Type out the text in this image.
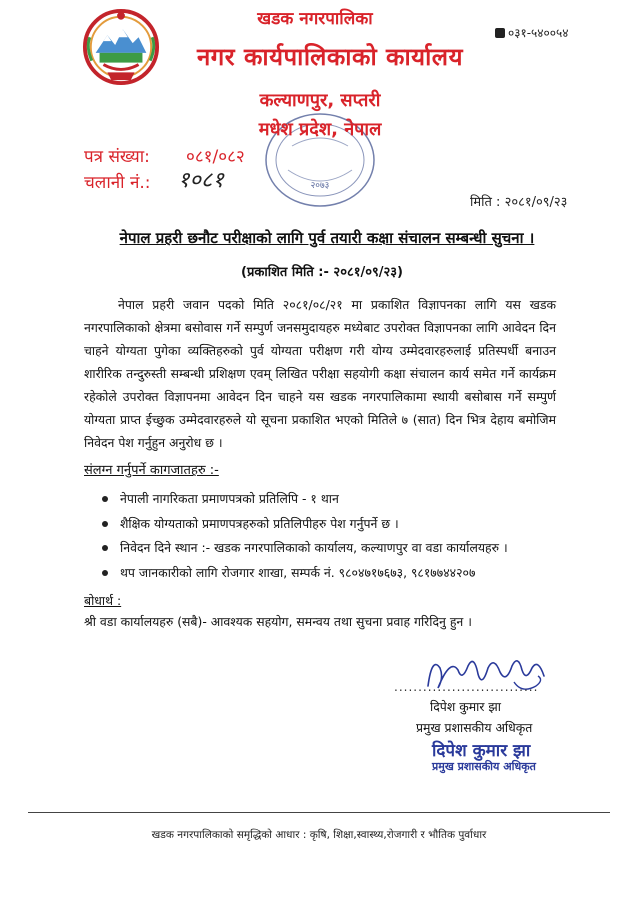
खडक नगरपालिका
नगर कार्यपालिकाको कार्यालय
०३१-५४००५४
कल्याणपुर, सप्तरी
२०७३
मधेश प्रदेश, नेपाल
पत्र संख्या: ०८१/०८२
चलानी नं.: १०८१
मिति : २०८१/०९/२३
नेपाल प्रहरी छनौट परीक्षाको लागि पुर्व तयारी कक्षा संचालन सम्बन्धी सुचना ।
(प्रकाशित मिति :- २०८१/०९/२३)
नेपाल प्रहरी जवान पदको मिति २०८१/०८/२१ मा प्रकाशित विज्ञापनका लागि यस खडक नगरपालिकाको क्षेत्रमा बसोवास गर्ने सम्पुर्ण जनसमुदायहरु मध्येबाट उपरोक्त विज्ञापनका लागि आवेदन दिन चाहने योग्यता पुगेका व्यक्तिहरुको पुर्व योग्यता परीक्षण गरी योग्य उम्मेदवारहरुलाई प्रतिस्पर्धी बनाउन शारीरिक तन्दुरुस्ती सम्बन्धी प्रशिक्षण एवम् लिखित परीक्षा सहयोगी कक्षा संचालन कार्य समेत गर्ने कार्यक्रम रहेकोले उपरोक्त विज्ञापनमा आवेदन दिन चाहने यस खडक नगरपालिकामा स्थायी बसोबास गर्ने सम्पुर्ण योग्यता प्राप्त ईच्छुक उम्मेदवारहरुले यो सूचना प्रकाशित भएको मितिले ७ (सात) दिन भित्र देहाय बमोजिम निवेदन पेश गर्नुहुन अनुरोध छ ।
संलग्न गर्नुपर्ने कागजातहरु :-
नेपाली नागरिकता प्रमाणपत्रको प्रतिलिपि - १ थान
शैक्षिक योग्यताको प्रमाणपत्रहरुको प्रतिलिपीहरु पेश गर्नुपर्ने छ ।
निवेदन दिने स्थान :- खडक नगरपालिकाको कार्यालय, कल्याणपुर वा वडा कार्यालयहरु ।
थप जानकारीको लागि रोजगार शाखा, सम्पर्क नं. ९८०४७१७६७३, ९८१७७४४२०७
बोधार्थ :
श्री वडा कार्यालयहरु (सबै)- आवश्यक सहयोग, समन्वय तथा सुचना प्रवाह गरिदिनु हुन ।
..............................
दिपेश कुमार झा
प्रमुख प्रशासकीय अधिकृत
दिपेश कुमार झा
प्रमुख प्रशासकीय अधिकृत
खडक नगरपालिकाको समृद्धिको आधार : कृषि, शिक्षा,स्वास्थ्य,रोजगारी र भौतिक पुर्वाधार
